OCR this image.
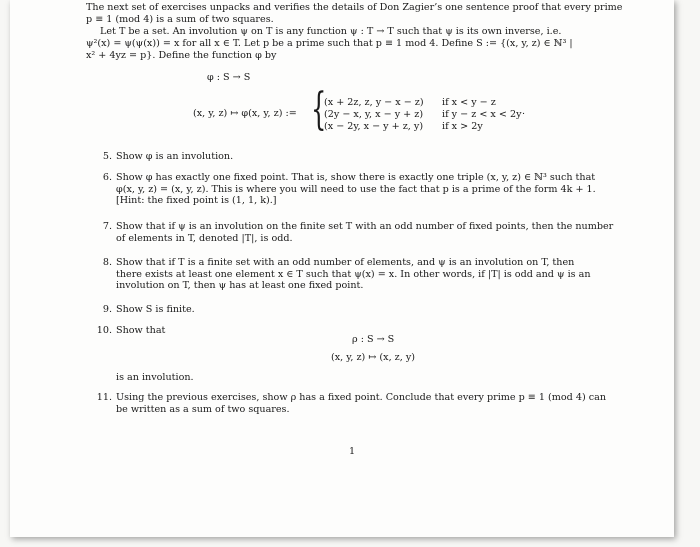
The next set of exercises unpacks and verifies the details of Don Zagier’s one sentence proof that every prime
p ≡ 1 (mod 4) is a sum of two squares.
Let T be a set. An involution ψ on T is any function ψ : T → T such that ψ is its own inverse, i.e.
ψ²(x) = ψ(ψ(x)) = x for all x ∈ T. Let p be a prime such that p ≡ 1 mod 4. Define S := {(x, y, z) ∈ ℕ³ |
x² + 4yz = p}. Define the function φ by
φ : S → S
(x, y, z) ↦ φ(x, y, z) := {
(x + 2z, z, y − x − z)
(2y − x, y, x − y + z)
(x − 2y, x − y + z, y)
if x < y − z
if y − z < x < 2y
if x > 2y
.
5. Show φ is an involution.
6. Show φ has exactly one fixed point. That is, show there is exactly one triple (x, y, z) ∈ ℕ³ such that
φ(x, y, z) = (x, y, z). This is where you will need to use the fact that p is a prime of the form 4k + 1.
[Hint: the fixed point is (1, 1, k).]
7. Show that if ψ is an involution on the finite set T with an odd number of fixed points, then the number
of elements in T, denoted |T|, is odd.
8. Show that if T is a finite set with an odd number of elements, and ψ is an involution on T, then
there exists at least one element x ∈ T such that ψ(x) = x. In other words, if |T| is odd and ψ is an
involution on T, then ψ has at least one fixed point.
9. Show S is finite.
10. Show that
ρ : S → S
(x, y, z) ↦ (x, z, y)
is an involution.
11. Using the previous exercises, show ρ has a fixed point. Conclude that every prime p ≡ 1 (mod 4) can
be written as a sum of two squares.
1
